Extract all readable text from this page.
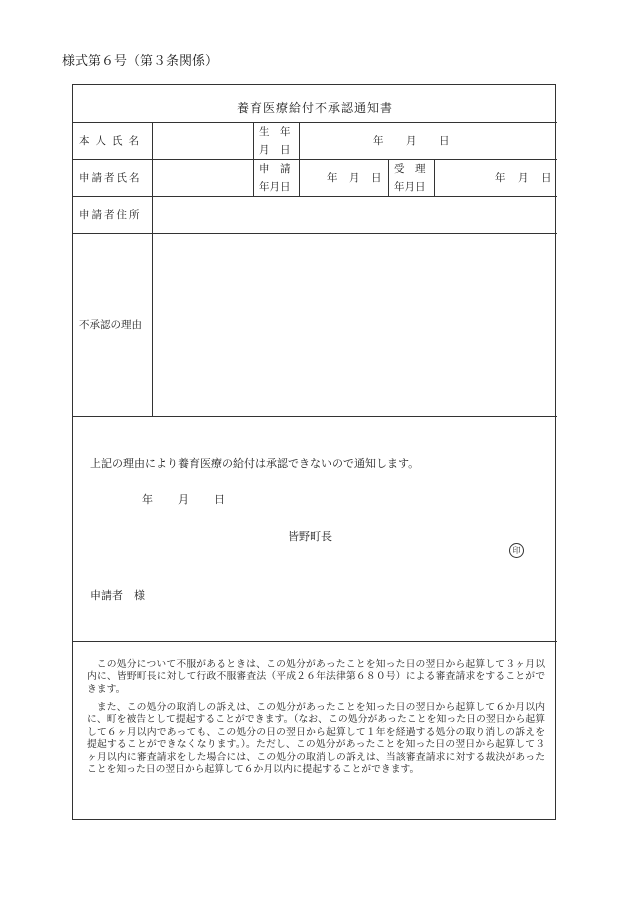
様式第６号（第３条関係）
養育医療給付不承認通知書
本人氏名
生　年
月　日
年 月 日
申請者氏名
申　請
年月日
年 月 日
受　理
年月日
年 月 日
申請者住所
不承認の理由
上記の理由により養育医療の給付は承認できないので通知します。
年 月 日
皆野町長
印
申請者　様
この処分について不服があるときは、この処分があったことを知った日の翌日から起算して３ヶ月以内に、皆野町長に対して行政不服審査法（平成２６年法律第６８０号）による審査請求をすることができます。
また、この処分の取消しの訴えは、この処分があったことを知った日の翌日から起算して６か月以内に、町を被告として提起することができます。（なお、この処分があったことを知った日の翌日から起算して６ヶ月以内であっても、この処分の日の翌日から起算して１年を経過する処分の取り消しの訴えを提起することができなくなります。）。ただし、この処分があったことを知った日の翌日から起算して３ヶ月以内に審査請求をした場合には、この処分の取消しの訴えは、当該審査請求に対する裁決があったことを知った日の翌日から起算して６か月以内に提起することができます。
